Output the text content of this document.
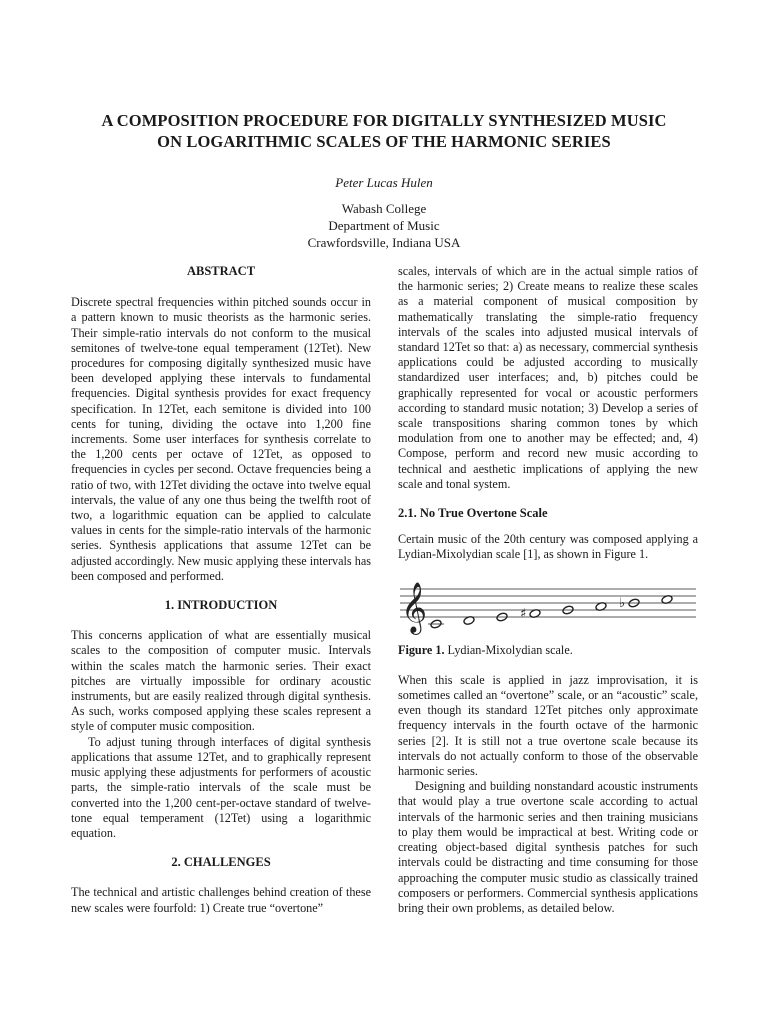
A COMPOSITION PROCEDURE FOR DIGITALLY SYNTHESIZED MUSIC
ON LOGARITHMIC SCALES OF THE HARMONIC SERIES
Peter Lucas Hulen
Wabash College
Department of Music
Crawfordsville, Indiana USA
ABSTRACT

Discrete spectral frequencies within pitched sounds occur in a pattern known to music theorists as the harmonic series. Their simple-ratio intervals do not conform to the musical semitones of twelve-tone equal temperament (12Tet). New procedures for composing digitally synthesized music have been developed applying these intervals to fundamental frequencies. Digital synthesis provides for exact frequency specification. In 12Tet, each semitone is divided into 100 cents for tuning, dividing the octave into 1,200 fine increments. Some user interfaces for synthesis correlate to the 1,200 cents per octave of 12Tet, as opposed to frequencies in cycles per second. Octave frequencies being a ratio of two, with 12Tet dividing the octave into twelve equal intervals, the value of any one thus being the twelfth root of two, a logarithmic equation can be applied to calculate values in cents for the simple-ratio intervals of the harmonic series. Synthesis applications that assume 12Tet can be adjusted accordingly. New music applying these intervals has been composed and performed.

1. INTRODUCTION

This concerns application of what are essentially musical scales to the composition of computer music. Intervals within the scales match the harmonic series. Their exact pitches are virtually impossible for ordinary acoustic instruments, but are easily realized through digital synthesis. As such, works composed applying these scales represent a style of computer music composition.

To adjust tuning through interfaces of digital synthesis applications that assume 12Tet, and to graphically represent music applying these adjustments for performers of acoustic parts, the simple-ratio intervals of the scale must be converted into the 1,200 cent-per-octave standard of twelve-tone equal temperament (12Tet) using a logarithmic equation.

2. CHALLENGES

The technical and artistic challenges behind creation of these new scales were fourfold: 1) Create true “overtone”

scales, intervals of which are in the actual simple ratios of the harmonic series; 2) Create means to realize these scales as a material component of musical composition by mathematically translating the simple-ratio frequency intervals of the scales into adjusted musical intervals of standard 12Tet so that: a) as necessary, commercial synthesis applications could be adjusted according to musically standardized user interfaces; and, b) pitches could be graphically represented for vocal or acoustic performers according to standard music notation; 3) Develop a series of scale transpositions sharing common tones by which modulation from one to another may be effected; and, 4) Compose, perform and record new music according to technical and aesthetic implications of applying the new scale and tonal system.

2.1. No True Overtone Scale

Certain music of the 20th century was composed applying a Lydian-Mixolydian scale [1], as shown in Figure 1.

𝄞	♯
♭
Figure 1. Lydian-Mixolydian scale.

When this scale is applied in jazz improvisation, it is sometimes called an “overtone” scale, or an “acoustic” scale, even though its standard 12Tet pitches only approximate frequency intervals in the fourth octave of the harmonic series [2]. It is still not a true overtone scale because its intervals do not actually conform to those of the observable harmonic series.

Designing and building nonstandard acoustic instruments that would play a true overtone scale according to actual intervals of the harmonic series and then training musicians to play them would be impractical at best. Writing code or creating object-based digital synthesis patches for such intervals could be distracting and time consuming for those approaching the computer music studio as classically trained composers or performers. Commercial synthesis applications bring their own problems, as detailed below.
